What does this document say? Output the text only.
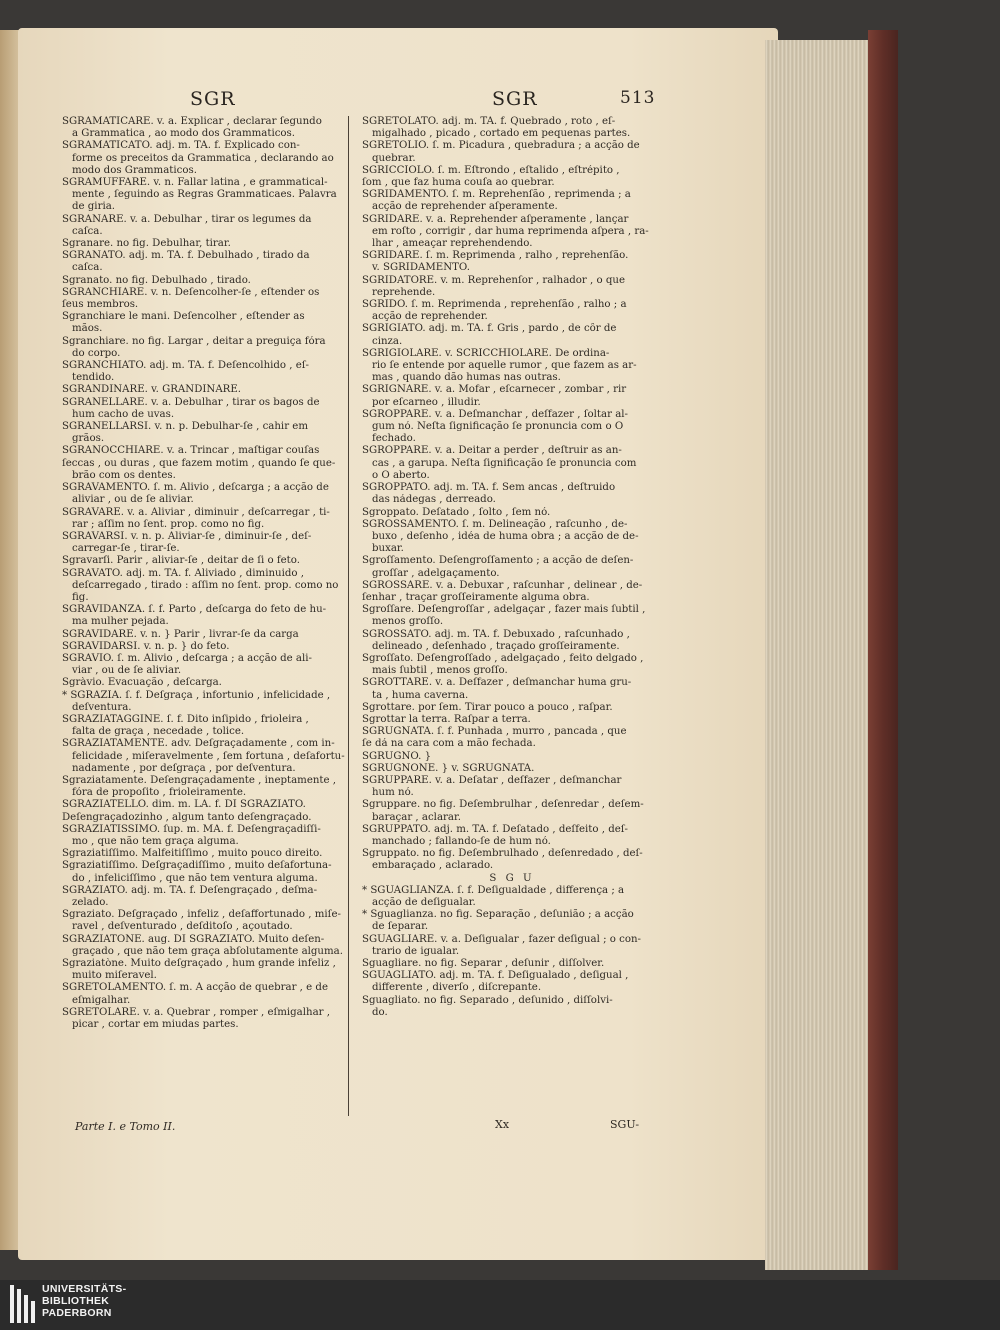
SGR	SGR	513

SGRAMATICARE. v. a. Explicar , declarar ſegundo

a Grammatica , ao modo dos Grammaticos.

SGRAMATICATO. adj. m. TA. f. Explicado con-

forme os preceitos da Grammatica , declarando ao

modo dos Grammaticos.

SGRAMUFFARE. v. n. Fallar latina , e grammatical-

mente , ſeguindo as Regras Grammaticaes. Palavra

de giria.

SGRANARE. v. a. Debulhar , tirar os legumes da

caſca.

Sgranare. no fig. Debulhar, tirar.

SGRANATO. adj. m. TA. f. Debulhado , tirado da

caſca.

Sgranato. no fig. Debulhado , tirado.

SGRANCHIARE. v. n. Deſencolher-ſe , eſtender os

ſeus membros.

Sgranchiare le mani. Deſencolher , eſtender as

mãos.

Sgranchiare. no fig. Largar , deitar a preguiça fóra

do corpo.

SGRANCHIÀTO. adj. m. TA. f. Deſencolhido , eſ-

tendido.

SGRANDINARE. v. GRANDINARE.

SGRANELLARE. v. a. Debulhar , tirar os bagos de

hum cacho de uvas.

SGRANELLARSI. v. n. p. Debulhar-ſe , cahir em

grãos.

SGRANOCCHIARE. v. a. Trincar , maſtigar couſas

ſeccas , ou duras , que fazem motim , quando ſe que-

brão com os dentes.

SGRAVAMENTO. ſ. m. Alivio , deſcarga ; a acção de

aliviar , ou de ſe aliviar.

SGRAVARE. v. a. Aliviar , diminuir , deſcarregar , ti-

rar ; aſſim no ſent. prop. como no fig.

SGRAVARSI. v. n. p. Aliviar-ſe , diminuir-ſe , deſ-

carregar-ſe , tirar-ſe.

Sgravarſi. Parir , aliviar-ſe , deitar de ſi o feto.

SGRAVATO. adj. m. TA. f. Aliviado , diminuido ,

deſcarregado , tirado : aſſim no ſent. prop. como no

fig.

SGRAVIDANZA. ſ. f. Parto , deſcarga do feto de hu-

ma mulher pejada.

SGRAVIDARE. v. n. } Parir , livrar-ſe da carga

SGRAVIDARSI. v. n. p. } do feto.

SGRÀVIO. ſ. m. Alivio , deſcarga ; a acção de ali-

viar , ou de ſe aliviar.

Sgràvio. Evacuação , deſcarga.

* SGRAZIA. ſ. f. Deſgraça , infortunio , infelicidade ,

deſventura.

SGRAZIATÀGGINE. ſ. f. Dito inſipido , frioleira ,

falta de graça , necedade , tolice.

SGRAZIATAMENTE. adv. Deſgraçadamente , com in-

felicidade , miſeravelmente , ſem fortuna , deſafortu-

nadamente , por deſgraça , por deſventura.

Sgraziatamente. Deſengraçadamente , ineptamente ,

fóra de propoſito , frioleiramente.

SGRAZIATELLO. dim. m. LA. f. DI SGRAZIATO.

Deſengraçadozinho , algum tanto deſengraçado.

SGRAZIATISSIMO. ſup. m. MA. f. Deſengraçadiſſi-

mo , que não tem graça alguma.

Sgraziatiſſimo. Malfeitiſſimo , muito pouco direito.

Sgraziatiſſimo. Deſgraçadiſſimo , muito deſafortuna-

do , infeliciſſimo , que não tem ventura alguma.

SGRAZIATO. adj. m. TA. f. Deſengraçado , deſma-

zelado.

Sgraziato. Deſgraçado , infeliz , deſaffortunado , miſe-

ravel , deſventurado , deſditoſo , açoutado.

SGRAZIATÒNE. aug. DI SGRAZIATO. Muito deſen-

graçado , que não tem graça abſolutamente alguma.

Sgraziatòne. Muito deſgraçado , hum grande infeliz ,

muito miſeravel.

SGRETOLAMENTO. ſ. m. A acção de quebrar , e de

eſmigalhar.

SGRETOLARE. v. a. Quebrar , romper , eſmigalhar ,

picar , cortar em miudas partes.

SGRETOLATO. adj. m. TA. f. Quebrado , roto , eſ-

migalhado , picado , cortado em pequenas partes.

SGRETOLÌO. ſ. m. Picadura , quebradura ; a acção de

quebrar.

SGRICCÌOLO. ſ. m. Eſtrondo , eſtalido , eſtrépito ,

ſom , que faz huma couſa ao quebrar.

SGRIDAMENTO. ſ. m. Reprehenſão , reprimenda ; a

acção de reprehender aſperamente.

SGRIDARE. v. a. Reprehender aſperamente , lançar

em roſto , corrigir , dar huma reprimenda aſpera , ra-

lhar , ameaçar reprehendendo.

SGRIDARE. ſ. m. Reprimenda , ralho , reprehenſão.

v. SGRIDAMENTO.

SGRIDATORE. v. m. Reprehenſor , ralhador , o que

reprehende.

SGRIDO. ſ. m. Reprimenda , reprehenſão , ralho ; a

acção de reprehender.

SGRIGIATO. adj. m. TA. f. Gris , pardo , de côr de

cinza.

SGRIGIOLARE. v. SCRICCHIOLARE. De ordina-

rio ſe entende por aquelle rumor , que fazem as ar-

mas , quando dão humas nas outras.

SGRIGNARE. v. a. Mofar , eſcarnecer , zombar , rir

por eſcarneo , illudir.

SGROPPARE. v. a. Deſmanchar , deſfazer , ſoltar al-

gum nó. Neſta ſignificação ſe pronuncia com o O

fechado.

SGROPPARE. v. a. Deitar a perder , deſtruir as an-

cas , a garupa. Neſta ſignificação ſe pronuncia com

o O aberto.

SGROPPATO. adj. m. TA. f. Sem ancas , deſtruido

das nádegas , derreado.

Sgroppato. Deſatado , ſolto , ſem nó.

SGROSSAMENTO. ſ. m. Delineação , raſcunho , de-

buxo , deſenho , idéa de huma obra ; a acção de de-

buxar.

Sgroſſamento. Deſengroſſamento ; a acção de deſen-

groſſar , adelgaçamento.

SGROSSARE. v. a. Debuxar , raſcunhar , delinear , de-

ſenhar , traçar groſſeiramente alguma obra.

Sgroſſare. Deſengroſſar , adelgaçar , fazer mais ſubtil ,

menos groſſo.

SGROSSATO. adj. m. TA. f. Debuxado , raſcunhado ,

delineado , deſenhado , traçado groſſeiramente.

Sgroſſato. Deſengroſſado , adelgaçado , feito delgado ,

mais ſubtil , menos groſſo.

SGROTTARE. v. a. Deſfazer , deſmanchar huma gru-

ta , huma caverna.

Sgrottare. por ſem. Tirar pouco a pouco , raſpar.

Sgrottar la terra. Raſpar a terra.

SGRUGNÀTA. ſ. f. Punhada , murro , pancada , que

ſe dá na cara com a mão fechada.

SGRUGNO. }

SGRUGNÒNE. } v. SGRUGNÀTA.

SGRUPPARE. v. a. Deſatar , deſfazer , deſmanchar

hum nó.

Sgruppare. no fig. Deſembrulhar , deſenredar , deſem-

baraçar , aclarar.

SGRUPPATO. adj. m. TA. f. Deſatado , deſfeito , deſ-

manchado ; fallando-ſe de hum nó.

Sgruppato. no fig. Deſembrulhado , deſenredado , deſ-

embaraçado , aclarado.

S G U

* SGUAGLIANZA. ſ. f. Deſigualdade , differença ; a

acção de deſigualar.

* Sguaglianza. no fig. Separação , deſunião ; a acção

de ſeparar.

SGUAGLIARE. v. a. Deſigualar , fazer deſigual ; o con-

trario de igualar.

Sguagliare. no fig. Separar , deſunir , diſſolver.

SGUAGLIATO. adj. m. TA. f. Deſigualado , deſigual ,

differente , diverſo , diſcrepante.

Sguagliato. no fig. Separado , deſunido , diſſolvi-

do.

Parte I. e Tomo II.	Xx	SGU-
UNIVERSITÄTS-
BIBLIOTHEK
PADERBORN
